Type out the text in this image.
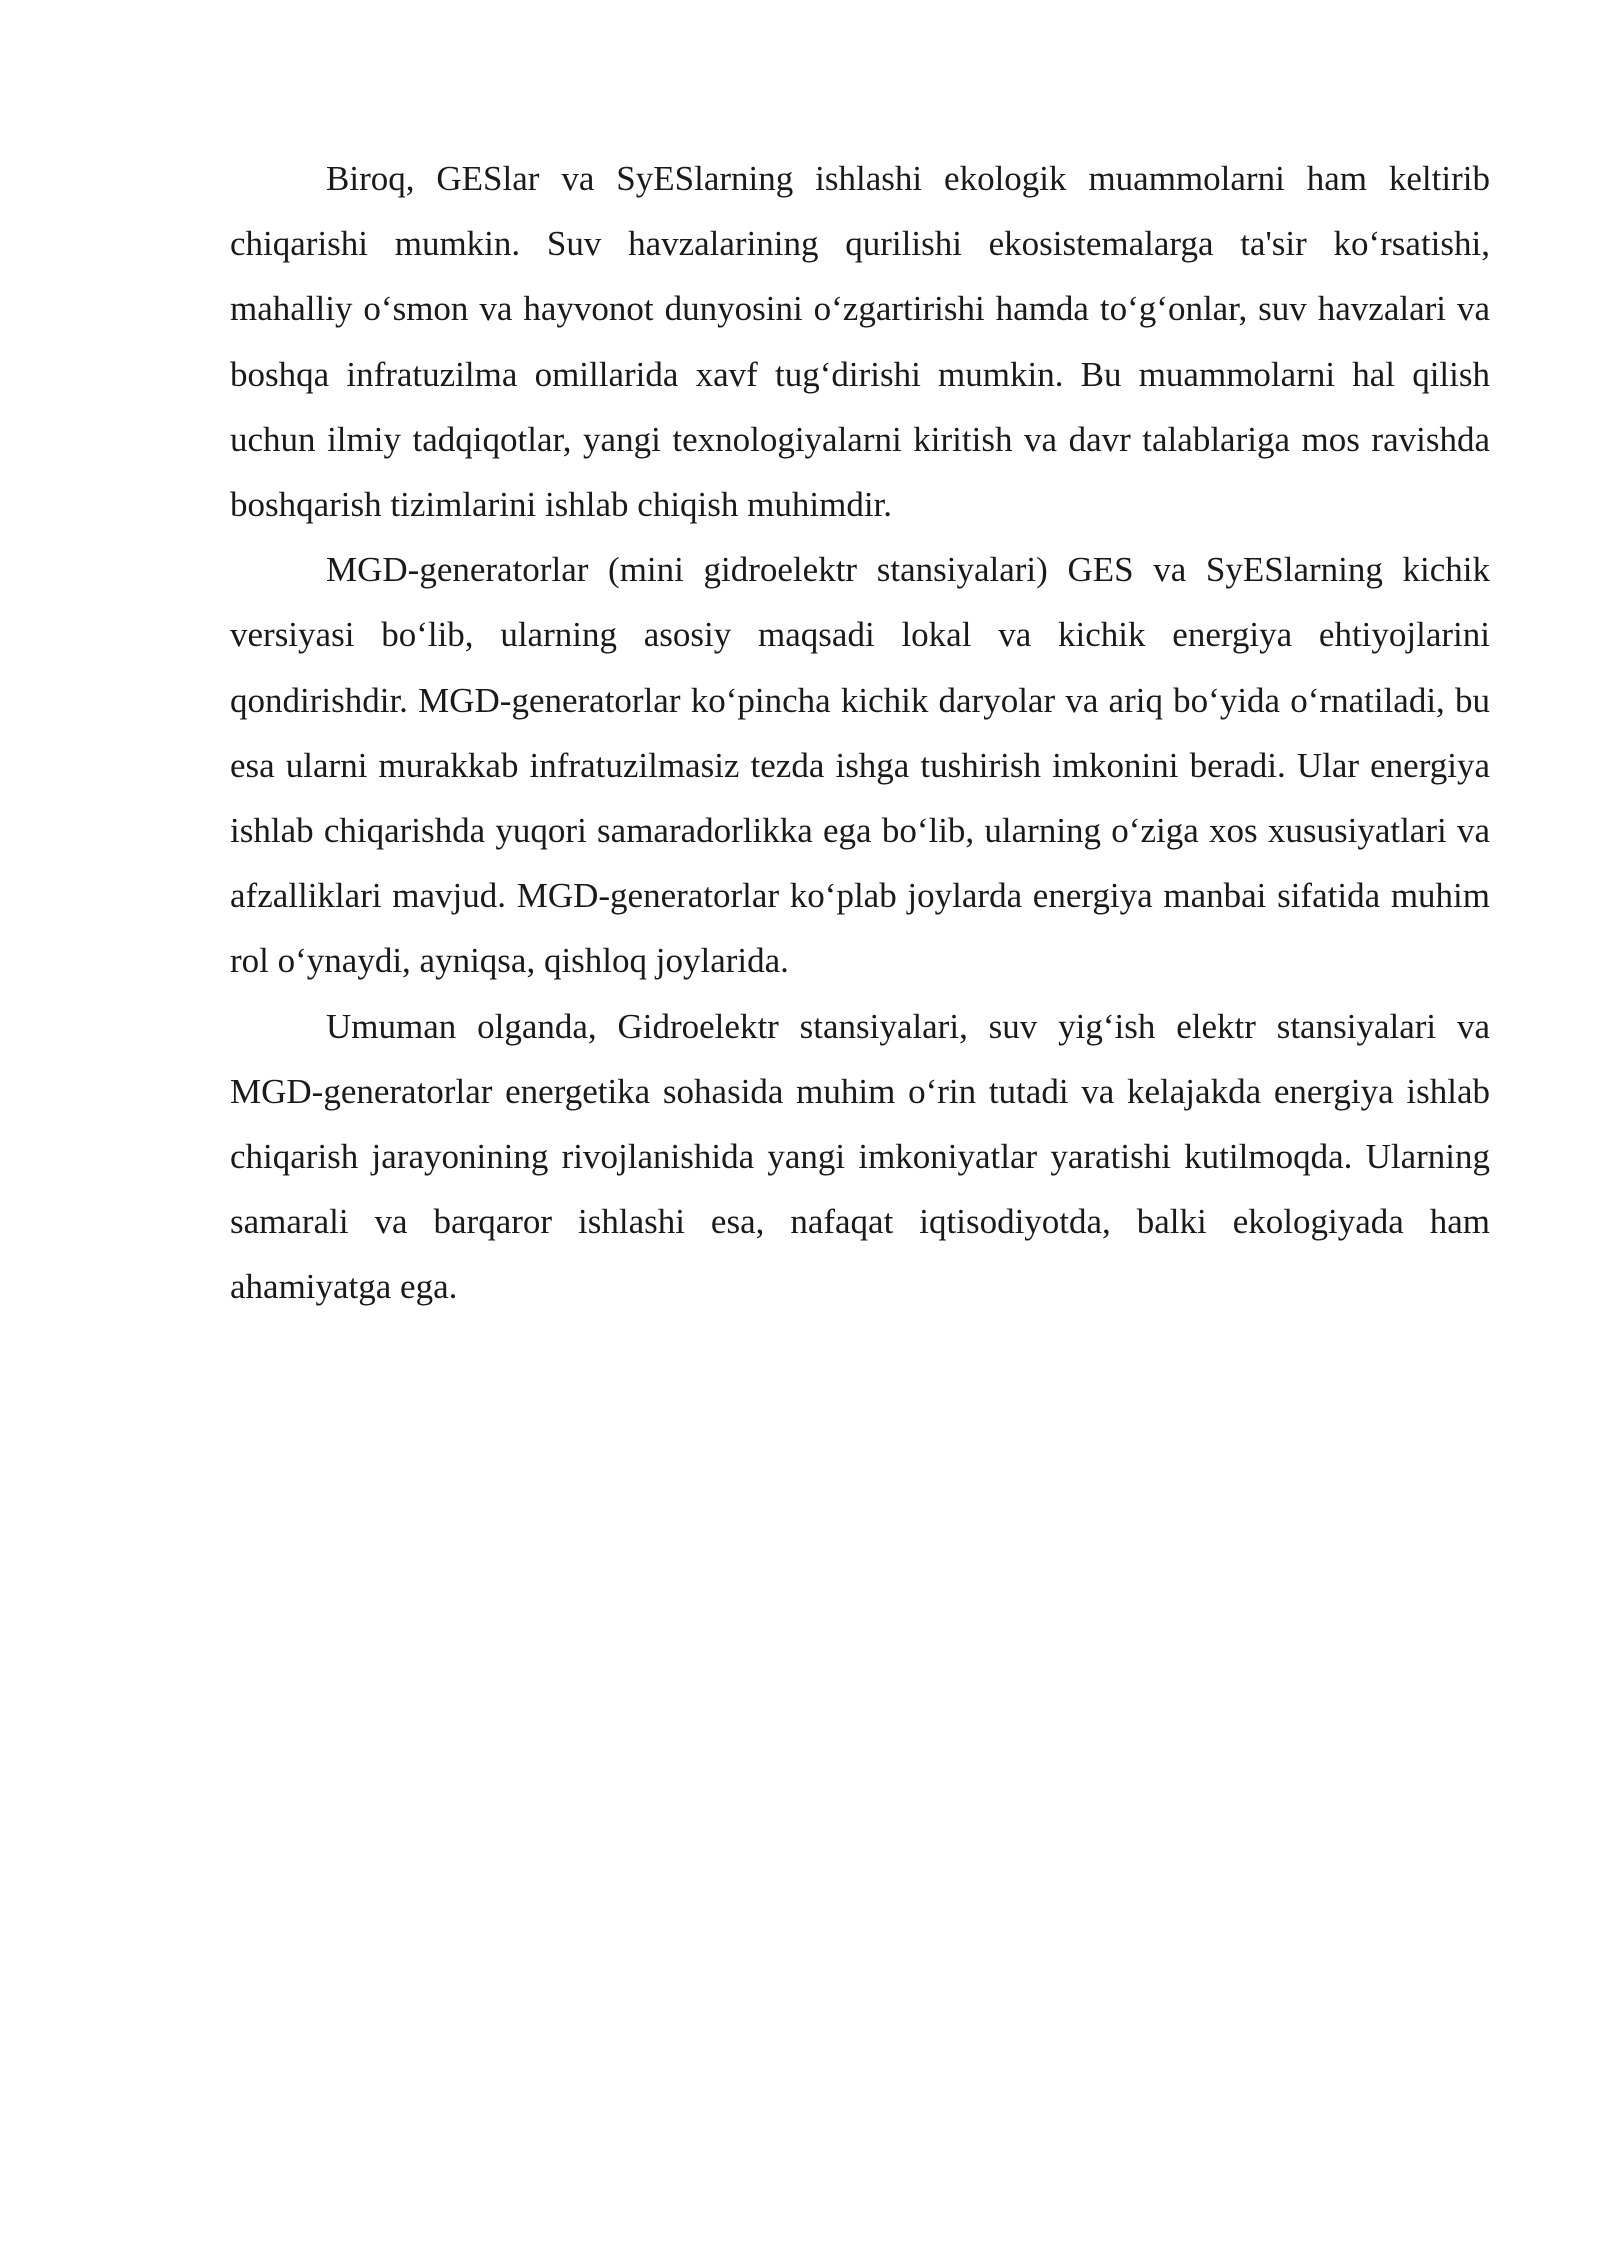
Biroq, GESlar va SyESlarning ishlashi ekologik muammolarni ham keltirib chiqarishi mumkin. Suv havzalarining qurilishi ekosistemalarga ta'sir ko‘rsatishi, mahalliy o‘smon va hayvonot dunyosini o‘zgartirishi hamda to‘g‘onlar, suv havzalari va boshqa infratuzilma omillarida xavf tug‘dirishi mumkin. Bu muammolarni hal qilish uchun ilmiy tadqiqotlar, yangi texnologiyalarni kiritish va davr talablariga mos ravishda boshqarish tizimlarini ishlab chiqish muhimdir.

MGD-generatorlar (mini gidroelektr stansiyalari) GES va SyESlarning kichik versiyasi bo‘lib, ularning asosiy maqsadi lokal va kichik energiya ehtiyojlarini qondirishdir. MGD-generatorlar ko‘pincha kichik daryolar va ariq bo‘yida o‘rnatiladi, bu esa ularni murakkab infratuzilmasiz tezda ishga tushirish imkonini beradi. Ular energiya ishlab chiqarishda yuqori samaradorlikka ega bo‘lib, ularning o‘ziga xos xususiyatlari va afzalliklari mavjud. MGD-generatorlar ko‘plab joylarda energiya manbai sifatida muhim rol o‘ynaydi, ayniqsa, qishloq joylarida.

Umuman olganda, Gidroelektr stansiyalari, suv yig‘ish elektr stansiyalari va MGD-generatorlar energetika sohasida muhim o‘rin tutadi va kelajakda energiya ishlab chiqarish jarayonining rivojlanishida yangi imkoniyatlar yaratishi kutilmoqda. Ularning samarali va barqaror ishlashi esa, nafaqat iqtisodiyotda, balki ekologiyada ham ahamiyatga ega.
